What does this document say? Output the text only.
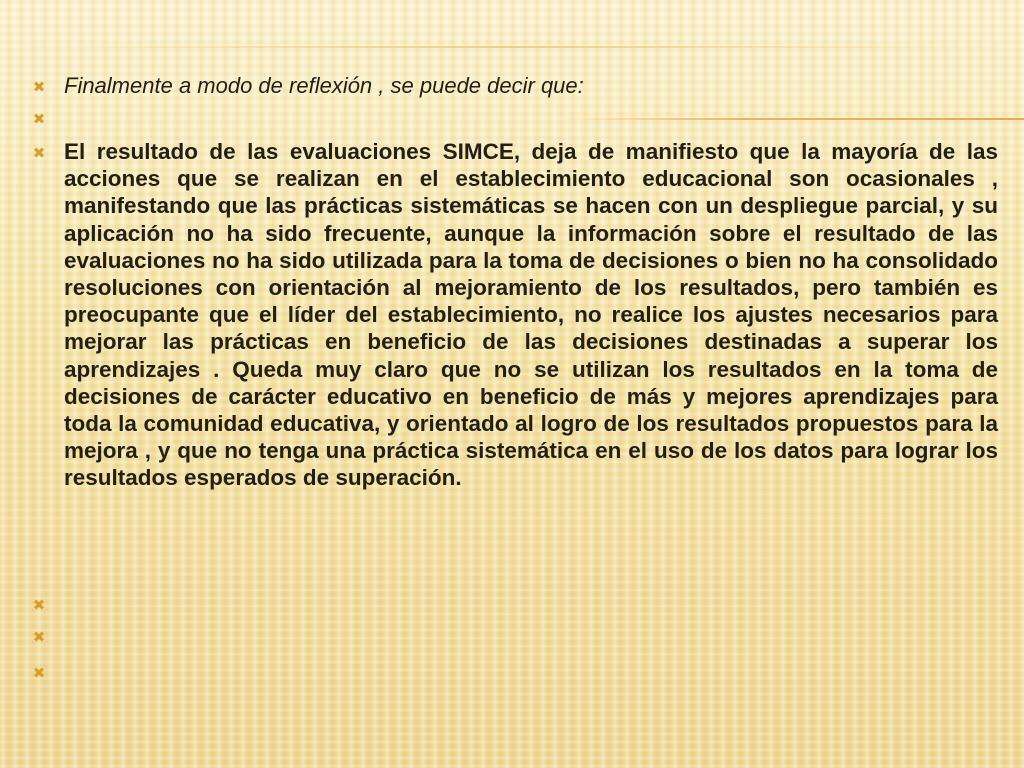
✖ Finalmente a modo de reflexión , se puede decir que:
✖
✖ El resultado de las evaluaciones SIMCE, deja de manifiesto que la mayoría de las acciones que se realizan en el establecimiento educacional son ocasionales , manifestando que las prácticas sistemáticas se hacen con un despliegue parcial, y su aplicación no ha sido frecuente, aunque la información sobre el resultado de las evaluaciones no ha sido utilizada para la toma de decisiones o bien no ha consolidado resoluciones con orientación al mejoramiento de los resultados, pero también es preocupante que el líder del establecimiento, no realice los ajustes necesarios para mejorar las prácticas en beneficio de las decisiones destinadas a superar los aprendizajes . Queda muy claro que no se utilizan los resultados en la toma de decisiones de carácter educativo en beneficio de más y mejores aprendizajes para toda la comunidad educativa, y orientado al logro de los resultados propuestos para la mejora , y que no tenga una práctica sistemática en el uso de los datos para lograr los resultados esperados de superación.
✖
✖
✖
